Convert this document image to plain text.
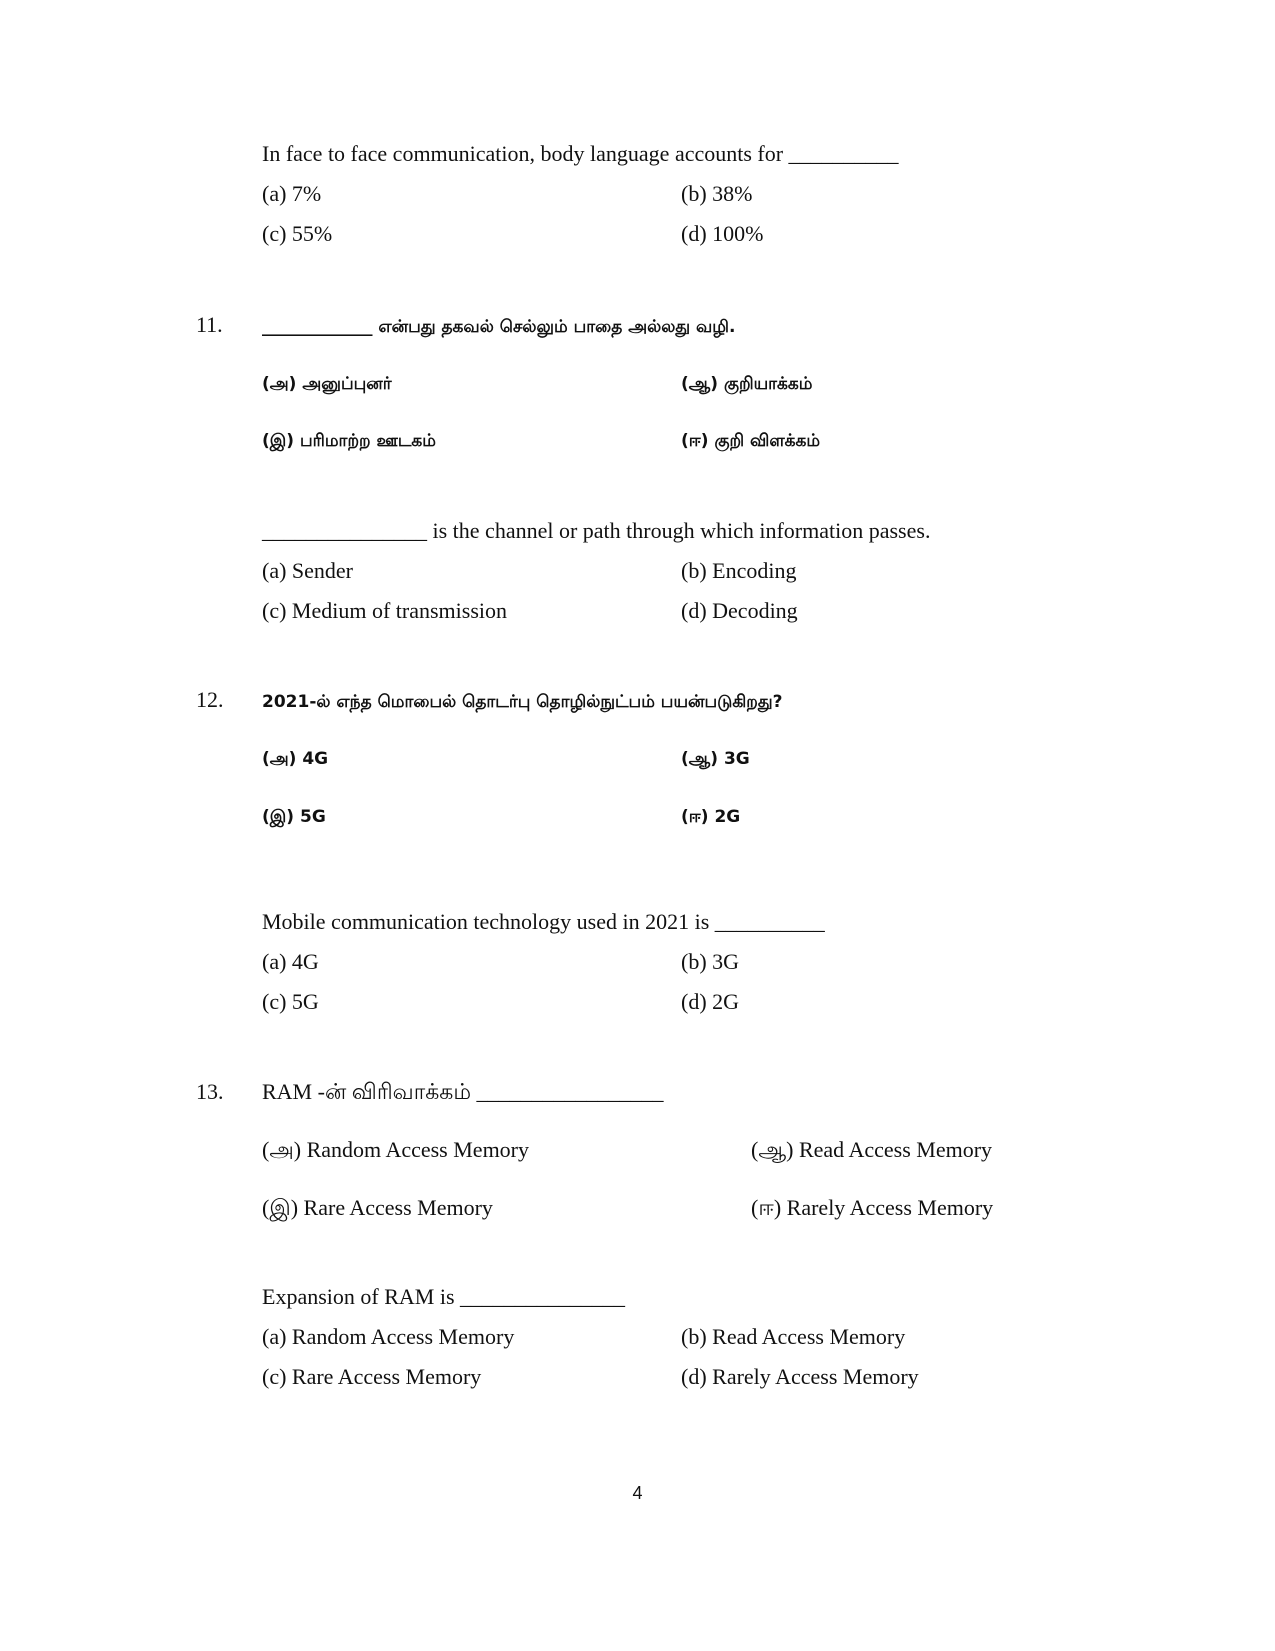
In face to face communication, body language accounts for __________
(a) 7%	(b) 38%
(c) 55%	(d) 100%
11. _____________ என்பது தகவல் செல்லும் பாதை அல்லது வழி.
(அ) அனுப்புனர்	(ஆ) குறியாக்கம்
(இ) பரிமாற்ற ஊடகம்	(ஈ) குறி விளக்கம்
_______________ is the channel or path through which information passes.
(a) Sender	(b) Encoding
(c) Medium of transmission	(d) Decoding
12. 2021-ல் எந்த மொபைல் தொடர்பு தொழில்நுட்பம் பயன்படுகிறது?
(அ) 4G	(ஆ) 3G
(இ) 5G	(ஈ) 2G
Mobile communication technology used in 2021 is __________
(a) 4G	(b) 3G
(c) 5G	(d) 2G
13. RAM -ன் விரிவாக்கம் _________________
(அ) Random Access Memory	(ஆ) Read Access Memory
(இ) Rare Access Memory	(ஈ) Rarely Access Memory
Expansion of RAM is _______________
(a) Random Access Memory	(b) Read Access Memory
(c) Rare Access Memory	(d) Rarely Access Memory
4
